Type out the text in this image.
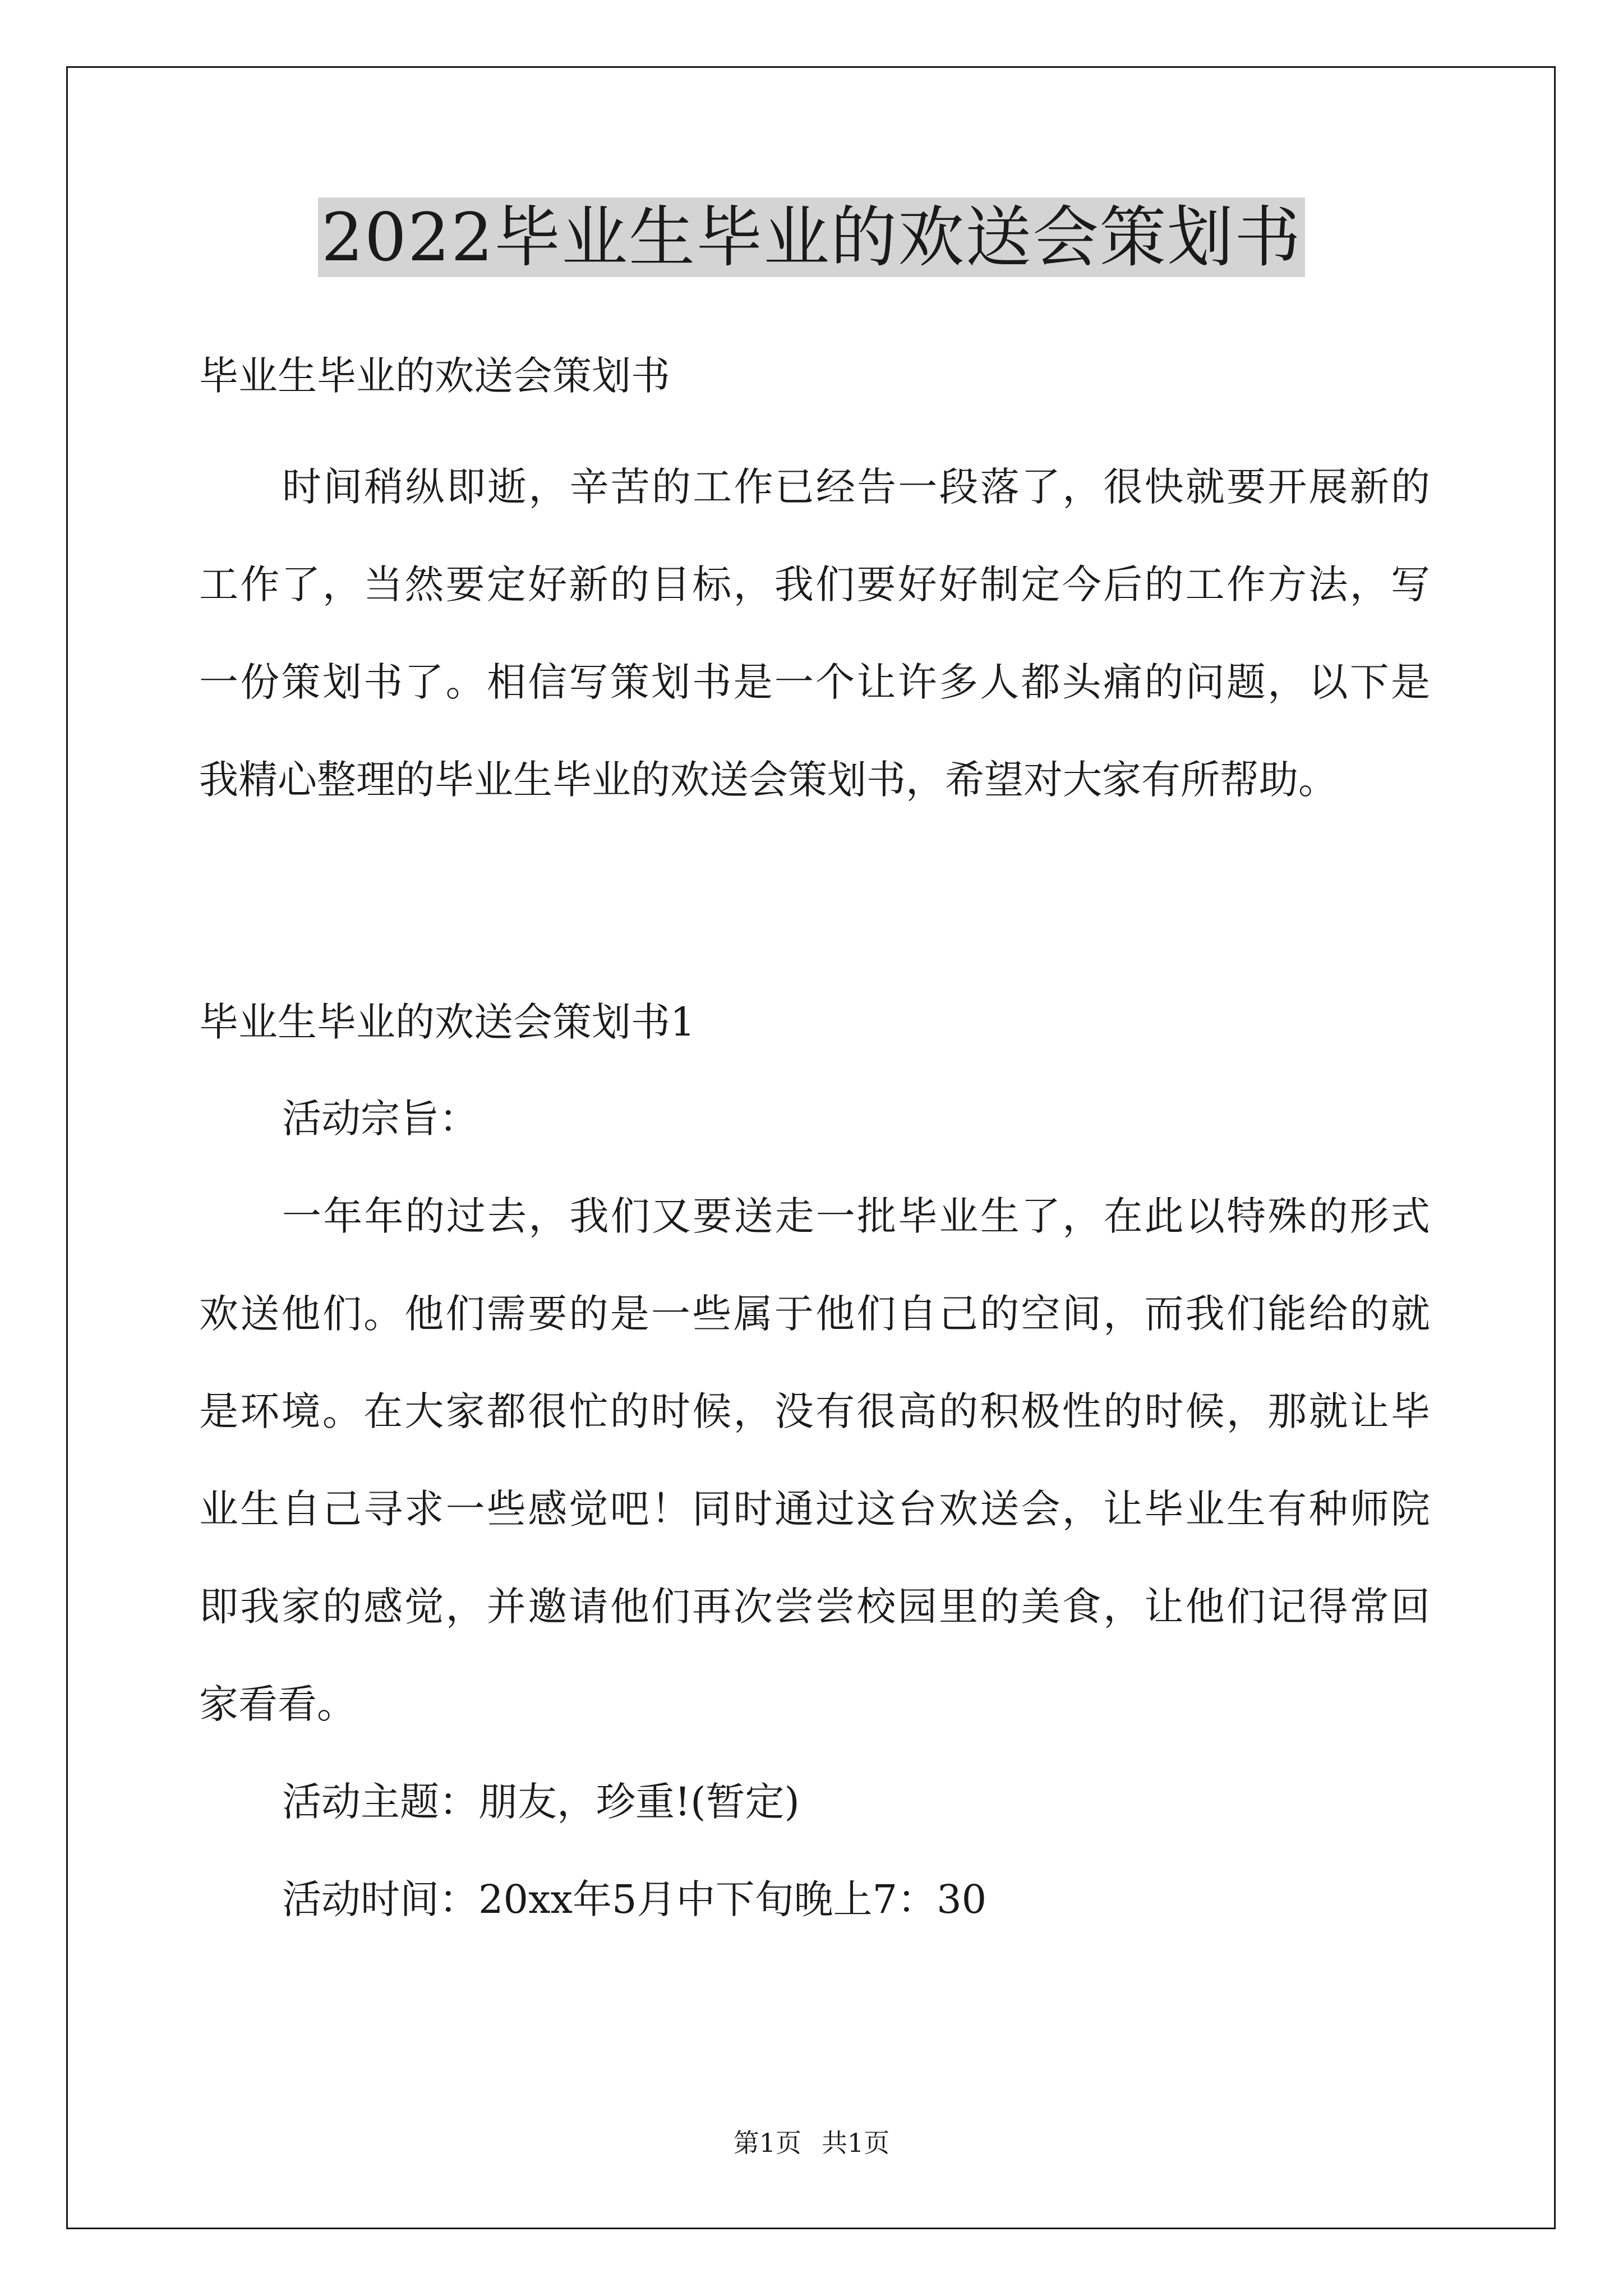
2022毕业生毕业的欢送会策划书
毕业生毕业的欢送会策划书
时间稍纵即逝，辛苦的工作已经告一段落了，很快就要开展新的
工作了，当然要定好新的目标，我们要好好制定今后的工作方法，写
一份策划书了。相信写策划书是一个让许多人都头痛的问题，以下是
我精心整理的毕业生毕业的欢送会策划书，希望对大家有所帮助。
毕业生毕业的欢送会策划书1
活动宗旨：
一年年的过去，我们又要送走一批毕业生了，在此以特殊的形式
欢送他们。他们需要的是一些属于他们自己的空间，而我们能给的就
是环境。在大家都很忙的时候，没有很高的积极性的时候，那就让毕
业生自己寻求一些感觉吧！同时通过这台欢送会，让毕业生有种师院
即我家的感觉，并邀请他们再次尝尝校园里的美食，让他们记得常回
家看看。
活动主题：朋友，珍重!(暂定)
活动时间：20xx年5月中下旬晚上7：30
第1页 共1页
